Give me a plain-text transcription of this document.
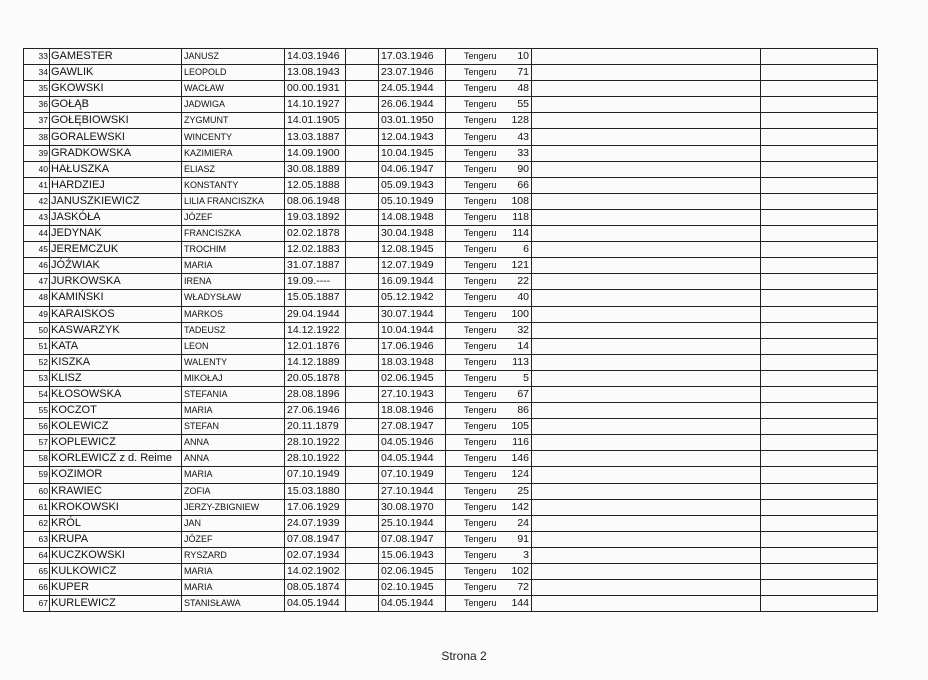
33	GAMESTER	JANUSZ	14.03.1946		17.03.1946	Tengeru	10		
34	GAWLIK	LEOPOLD	13.08.1943		23.07.1946	Tengeru	71		
35	GKOWSKI	WACŁAW	00.00.1931		24.05.1944	Tengeru	48		
36	GOŁĄB	JADWIGA	14.10.1927		26.06.1944	Tengeru	55		
37	GOŁĘBIOWSKI	ZYGMUNT	14.01.1905		03.01.1950	Tengeru	128		
38	GORALEWSKI	WINCENTY	13.03.1887		12.04.1943	Tengeru	43		
39	GRADKOWSKA	KAZIMIERA	14.09.1900		10.04.1945	Tengeru	33		
40	HAŁUSZKA	ELIASZ	30.08.1889		04.06.1947	Tengeru	90		
41	HARDZIEJ	KONSTANTY	12.05.1888		05.09.1943	Tengeru	66		
42	JANUSZKIEWICZ	LILIA FRANCISZKA	08.06.1948		05.10.1949	Tengeru	108		
43	JASKÓŁA	JÓZEF	19.03.1892		14.08.1948	Tengeru	118		
44	JEDYNAK	FRANCISZKA	02.02.1878		30.04.1948	Tengeru	114		
45	JEREMCZUK	TROCHIM	12.02.1883		12.08.1945	Tengeru	6		
46	JÓŹWIAK	MARIA	31.07.1887		12.07.1949	Tengeru	121		
47	JURKOWSKA	IRENA	19.09.----		16.09.1944	Tengeru	22		
48	KAMIŃSKI	WŁADYSŁAW	15.05.1887		05.12.1942	Tengeru	40		
49	KARAISKOS	MARKOS	29.04.1944		30.07.1944	Tengeru	100		
50	KASWARZYK	TADEUSZ	14.12.1922		10.04.1944	Tengeru	32		
51	KATA	LEON	12.01.1876		17.06.1946	Tengeru	14		
52	KISZKA	WALENTY	14.12.1889		18.03.1948	Tengeru	113		
53	KLISZ	MIKOŁAJ	20.05.1878		02.06.1945	Tengeru	5		
54	KŁOSOWSKA	STEFANIA	28.08.1896		27.10.1943	Tengeru	67		
55	KOCZOT	MARIA	27.06.1946		18.08.1946	Tengeru	86		
56	KOLEWICZ	STEFAN	20.11.1879		27.08.1947	Tengeru	105		
57	KOPLEWICZ	ANNA	28.10.1922		04.05.1946	Tengeru	116		
58	KORLEWICZ z d. Reime	ANNA	28.10.1922		04.05.1944	Tengeru	146		
59	KOZIMOR	MARIA	07.10.1949		07.10.1949	Tengeru	124		
60	KRAWIEC	ZOFIA	15.03.1880		27.10.1944	Tengeru	25		
61	KROKOWSKI	JERZY-ZBIGNIEW	17.06.1929		30.08.1970	Tengeru	142		
62	KRÓL	JAN	24.07.1939		25.10.1944	Tengeru	24		
63	KRUPA	JÓZEF	07.08.1947		07.08.1947	Tengeru	91		
64	KUCZKOWSKI	RYSZARD	02.07.1934		15.06.1943	Tengeru	3		
65	KULKOWICZ	MARIA	14.02.1902		02.06.1945	Tengeru	102		
66	KUPER	MARIA	08.05.1874		02.10.1945	Tengeru	72		
67	KURLEWICZ	STANISŁAWA	04.05.1944		04.05.1944	Tengeru	144		
Strona 2
